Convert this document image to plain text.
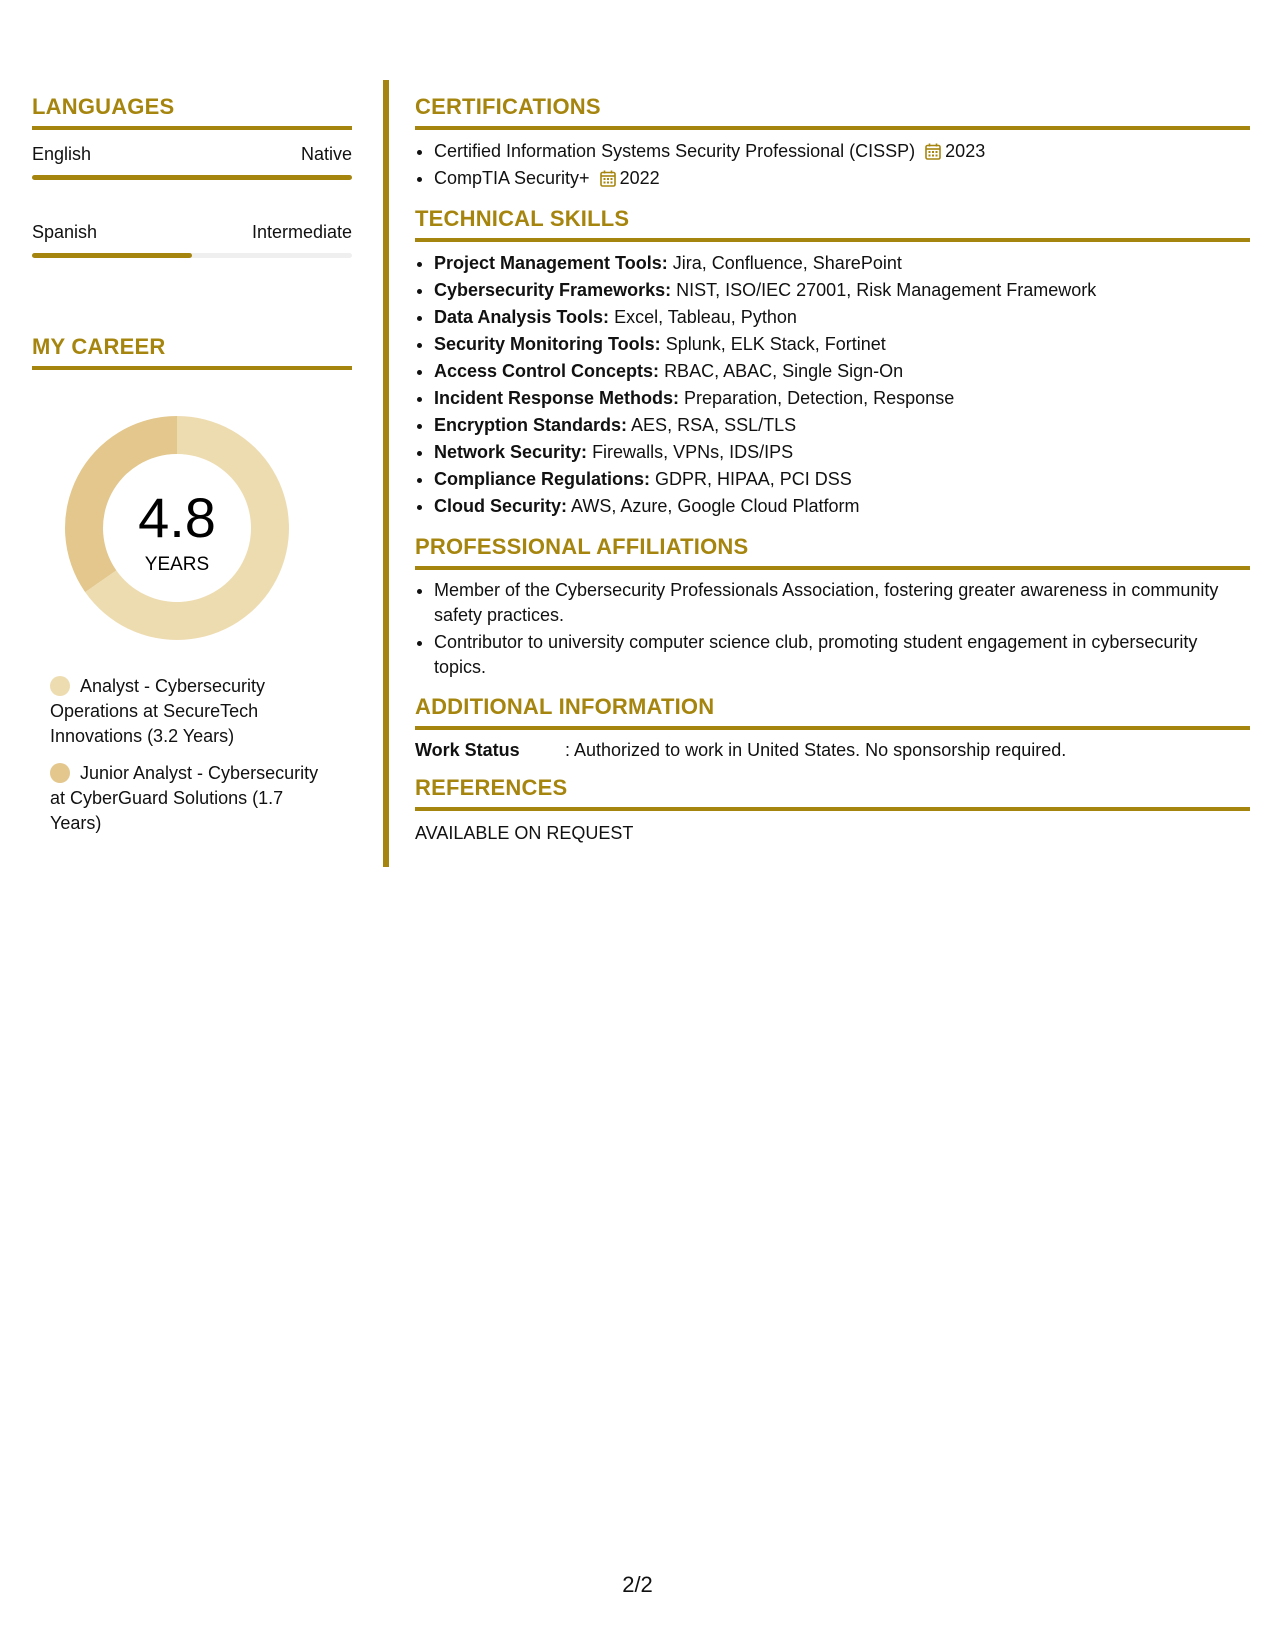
LANGUAGES
English	Native
Spanish	Intermediate
MY CAREER
4.8
YEARS
Analyst - Cybersecurity Operations at SecureTech Innovations (3.2 Years)
Junior Analyst - Cybersecurity at CyberGuard Solutions (1.7 Years)
CERTIFICATIONS
• Certified Information Systems Security Professional (CISSP) 2023
• CompTIA Security+ 2022
TECHNICAL SKILLS
• Project Management Tools: Jira, Confluence, SharePoint
• Cybersecurity Frameworks: NIST, ISO/IEC 27001, Risk Management Framework
• Data Analysis Tools: Excel, Tableau, Python
• Security Monitoring Tools: Splunk, ELK Stack, Fortinet
• Access Control Concepts: RBAC, ABAC, Single Sign-On
• Incident Response Methods: Preparation, Detection, Response
• Encryption Standards: AES, RSA, SSL/TLS
• Network Security: Firewalls, VPNs, IDS/IPS
• Compliance Regulations: GDPR, HIPAA, PCI DSS
• Cloud Security: AWS, Azure, Google Cloud Platform
PROFESSIONAL AFFILIATIONS
• Member of the Cybersecurity Professionals Association, fostering greater awareness in community safety practices.
• Contributor to university computer science club, promoting student engagement in cybersecurity topics.
ADDITIONAL INFORMATION
Work Status	: Authorized to work in United States. No sponsorship required.
REFERENCES
AVAILABLE ON REQUEST
2/2
